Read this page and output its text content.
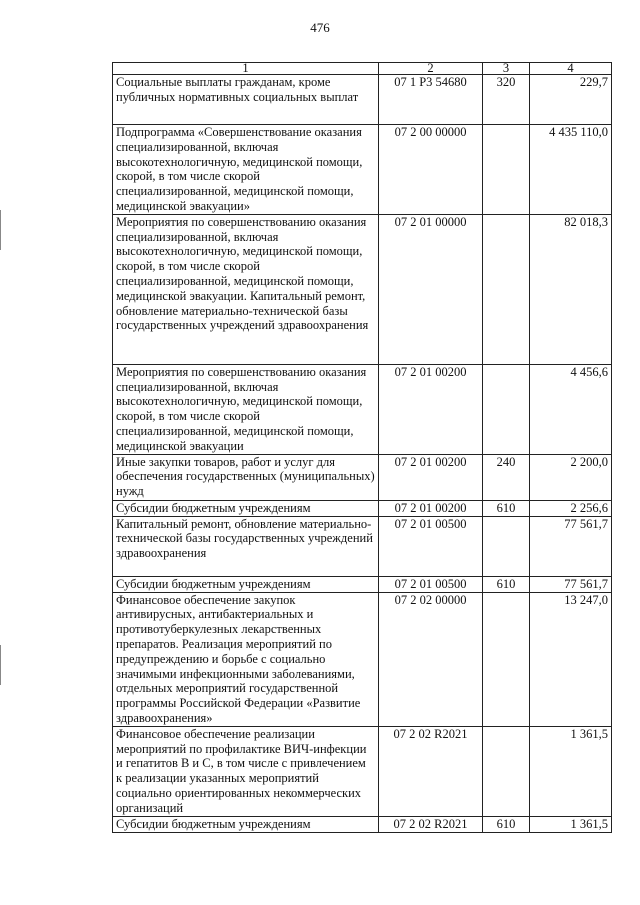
476
1	2	3	4
Социальные выплаты гражданам, кроме публичных нормативных социальных выплат	07 1 P3 54680	320	229,7
Подпрограмма «Совершенствование оказания специализированной, включая высокотехнологичную, медицинской помощи, скорой, в том числе скорой специализированной, медицинской помощи, медицинской эвакуации»	07 2 00 00000		4 435 110,0
Мероприятия по совершенствованию оказания специализированной, включая высокотехнологичную, медицинской помощи, скорой, в том числе скорой специализированной, медицинской помощи, медицинской эвакуации. Капитальный ремонт, обновление материально-технической базы государственных учреждений здравоохранения	07 2 01 00000		82 018,3
Мероприятия по совершенствованию оказания специализированной, включая высокотехнологичную, медицинской помощи, скорой, в том числе скорой специализированной, медицинской помощи, медицинской эвакуации	07 2 01 00200		4 456,6
Иные закупки товаров, работ и услуг для обеспечения государственных (муниципальных) нужд	07 2 01 00200	240	2 200,0
Субсидии бюджетным учреждениям	07 2 01 00200	610	2 256,6
Капитальный ремонт, обновление материально-технической базы государственных учреждений здравоохранения	07 2 01 00500		77 561,7
Субсидии бюджетным учреждениям	07 2 01 00500	610	77 561,7
Финансовое обеспечение закупок антивирусных, антибактериальных и противотуберкулезных лекарственных препаратов. Реализация мероприятий по предупреждению и борьбе с социально значимыми инфекционными заболеваниями, отдельных мероприятий государственной программы Российской Федерации «Развитие здравоохранения»	07 2 02 00000		13 247,0
Финансовое обеспечение реализации мероприятий по профилактике ВИЧ-инфекции и гепатитов B и C, в том числе с привлечением к реализации указанных мероприятий социально ориентированных некоммерческих организаций	07 2 02 R2021		1 361,5
Субсидии бюджетным учреждениям	07 2 02 R2021	610	1 361,5
